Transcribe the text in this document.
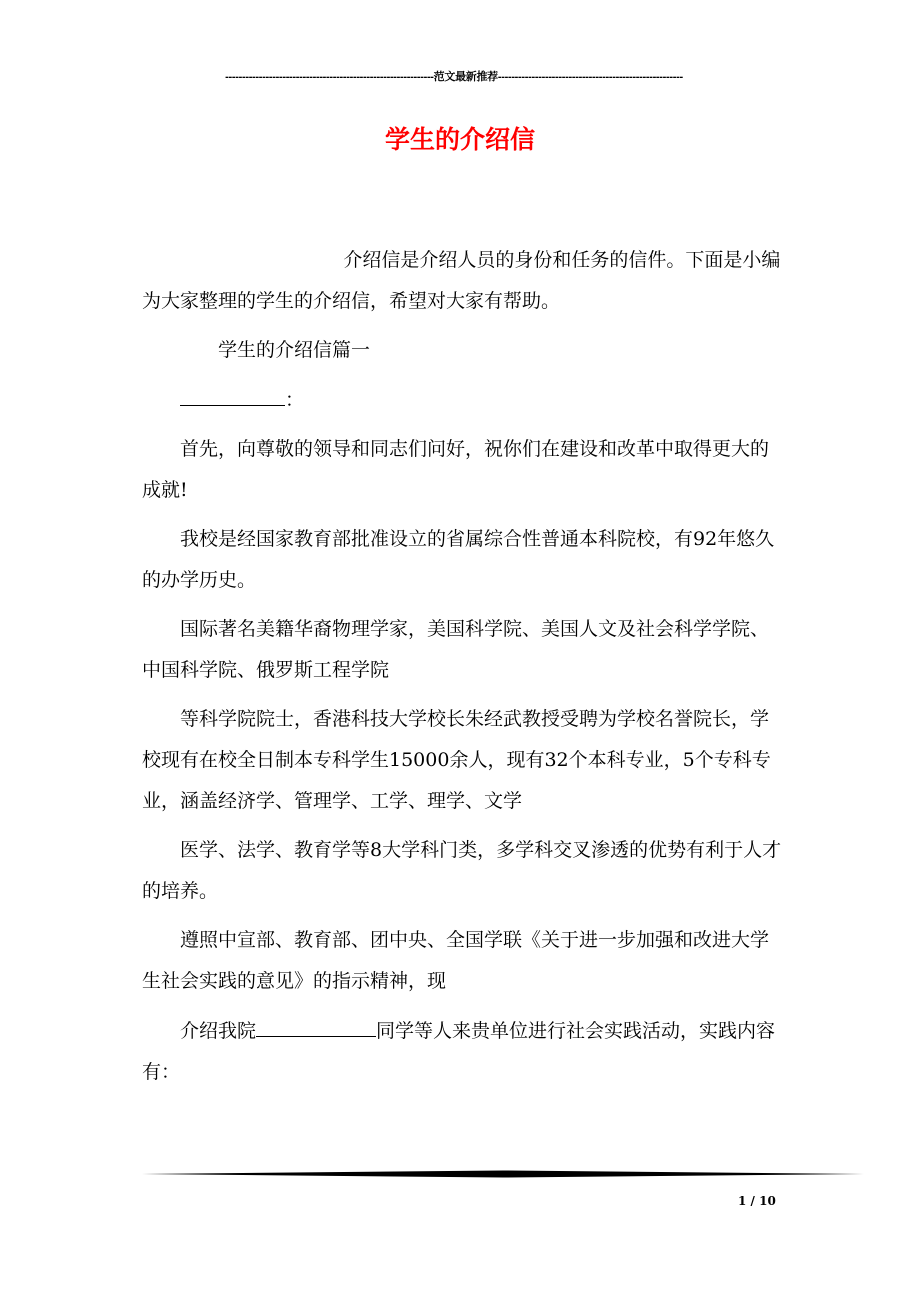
--------------------------------------------------------------范文最新推荐-------------------------------------------------------
学生的介绍信

介绍信是介绍人员的身份和任务的信件。下面是小编为大家整理的学生的介绍信，希望对大家有帮助。

学生的介绍信篇一

：

首先，向尊敬的领导和同志们问好，祝你们在建设和改革中取得更大的成就!

我校是经国家教育部批准设立的省属综合性普通本科院校，有92年悠久的办学历史。

国际著名美籍华裔物理学家，美国科学院、美国人文及社会科学学院、中国科学院、俄罗斯工程学院

等科学院院士，香港科技大学校长朱经武教授受聘为学校名誉院长，学校现有在校全日制本专科学生15000余人，现有32个本科专业，5个专科专业，涵盖经济学、管理学、工学、理学、文学

医学、法学、教育学等8大学科门类，多学科交叉渗透的优势有利于人才的培养。

遵照中宣部、教育部、团中央、全国学联《关于进一步加强和改进大学生社会实践的意见》的指示精神，现

介绍我院	同学等人来贵单位进行社会实践活动，实践内容有：

1 / 10
